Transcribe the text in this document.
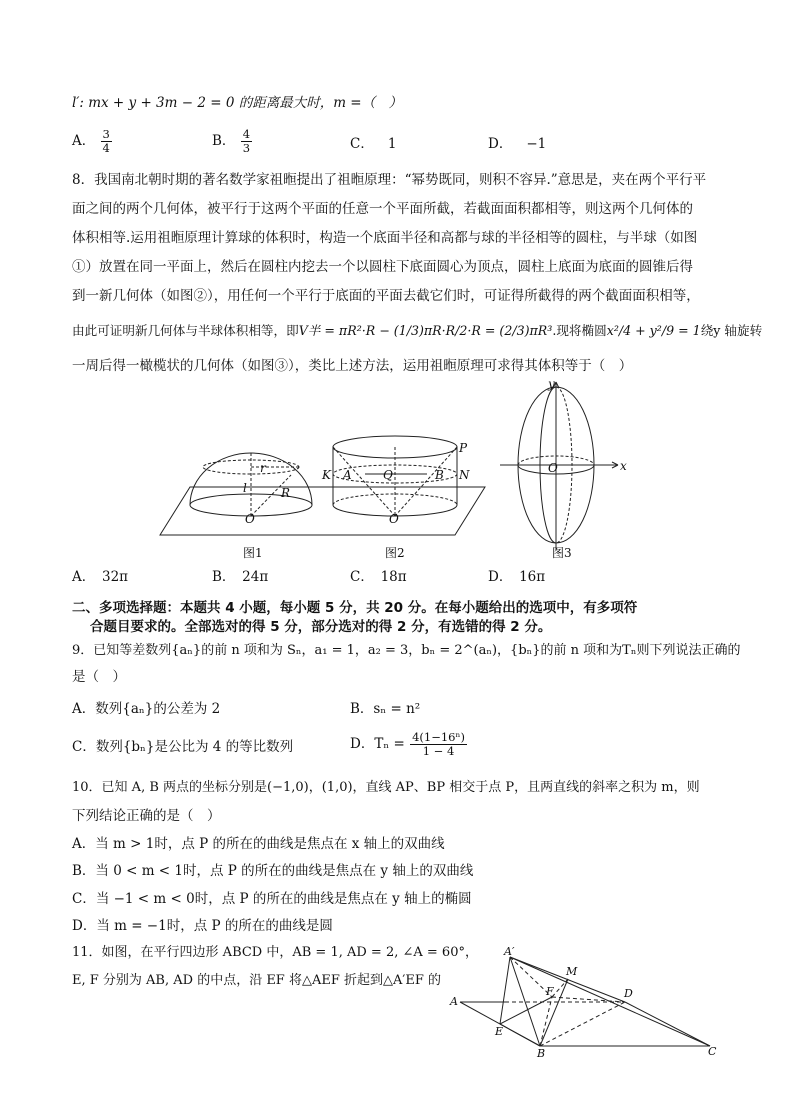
l′: mx + y + 3m − 2 = 0 的距离最大时，m =（　）
A． $\frac{3}{4}$	B． $\frac{4}{3}$	C． 1	D． −1
8．我国南北朝时期的著名数学家祖暅提出了祖暅原理：“幂势既同，则积不容异.”意思是，夹在两个平行平
面之间的两个几何体，被平行于这两个平面的任意一个平面所截，若截面面积都相等，则这两个几何体的
体积相等.运用祖暅原理计算球的体积时，构造一个底面半径和高都与球的半径相等的圆柱，与半球（如图
①）放置在同一平面上，然后在圆柱内挖去一个以圆柱下底面圆心为顶点，圆柱上底面为底面的圆锥后得
到一新几何体（如图②），用任何一个平行于底面的平面去截它们时，可证得所截得的两个截面面积相等，
由此可证明新几何体与半球体积相等，即V半 = πR²·R − (1/3)πR·R/2·R = (2/3)πR³.现将椭圆x²/4 + y²/9 = 1绕y 轴旋转
一周后得一橄榄状的几何体（如图③），类比上述方法，运用祖暅原理可求得其体积等于（　）
r
l	R
O
P
K	N
A	Q	B
O
O	x
y
图1	图2	图3
A．　32π	B．　24π	C．　18π	D．　16π
二、多项选择题：本题共 4 小题，每小题 5 分，共 20 分。在每小题给出的选项中，有多项符
合题目要求的。全部选对的得 5 分，部分选对的得 2 分，有选错的得 2 分。
9．已知等差数列{aₙ}的前 n 项和为 Sₙ，a₁ = 1，a₂ = 3，bₙ = 2^(aₙ)，{bₙ}的前 n 项和为Tₙ则下列说法正确的
是（　）
A．数列{aₙ}的公差为 2	B．sₙ = n²
C．数列{bₙ}是公比为 4 的等比数列	D．$T_n = \frac{\text{4(1−16ⁿ)}}{1 - 4}$
10．已知 A, B 两点的坐标分别是(−1,0)，(1,0)，直线 AP、BP 相交于点 P，且两直线的斜率之积为 m，则
下列结论正确的是（　）
A．当 m > 1时，点 P 的所在的曲线是焦点在 x 轴上的双曲线
B．当 0 < m < 1时，点 P 的所在的曲线是焦点在 y 轴上的双曲线
C．当 −1 < m < 0时，点 P 的所在的曲线是焦点在 y 轴上的椭圆
D．当 m = −1时，点 P 的所在的曲线是圆
11．如图，在平行四边形 ABCD 中，AB = 1, AD = 2, ∠A = 60°，
E, F 分别为 AB, AD 的中点，沿 EF 将△AEF 折起到△A′EF 的
A′
M
F	D
A
E
B	C
